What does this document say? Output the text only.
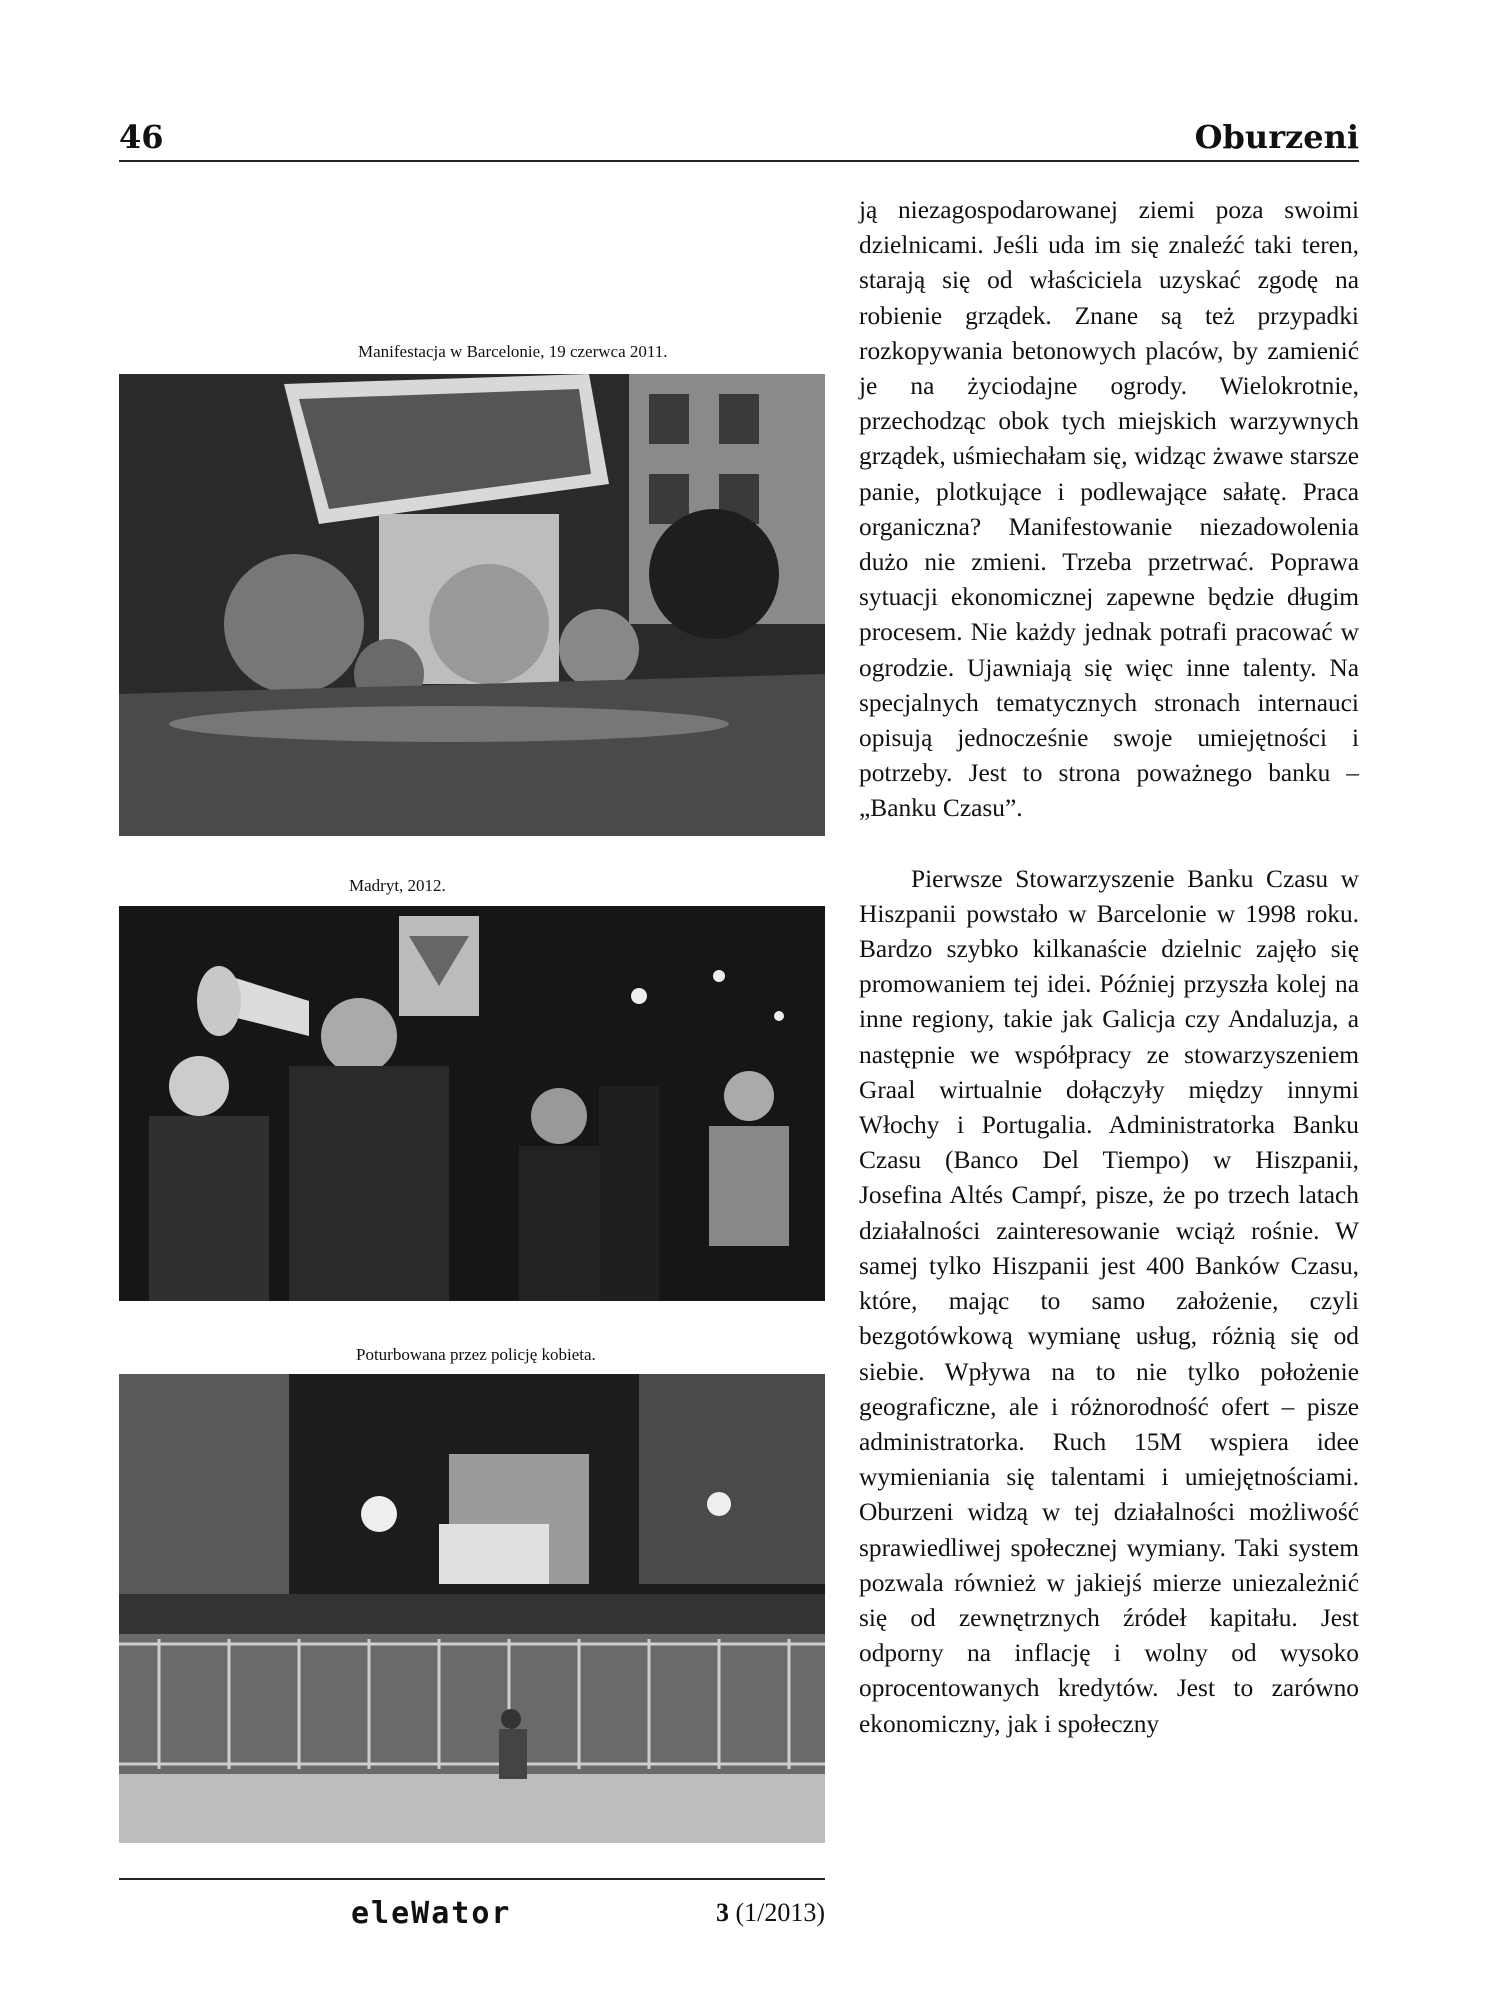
46	Oburzeni
Manifestacja w Barcelonie, 19 czerwca 2011.
Madryt, 2012.
Poturbowana przez policję kobieta.

ją niezagospodarowanej ziemi poza swoimi dzielnicami. Jeśli uda im się znaleźć taki teren, starają się od właściciela uzyskać zgodę na robienie grządek. Znane są też przypadki rozkopywania betonowych placów, by zamienić je na życiodajne ogrody. Wielokrotnie, przechodząc obok tych miejskich warzywnych grządek, uśmiechałam się, widząc żwawe starsze panie, plotkujące i podlewające sałatę. Praca organiczna? Manifestowanie niezadowolenia dużo nie zmieni. Trzeba przetrwać. Poprawa sytuacji ekonomicznej zapewne będzie długim procesem. Nie każdy jednak potrafi pracować w ogrodzie. Ujawniają się więc inne talenty. Na specjalnych tematycznych stronach internauci opisują jednocześnie swoje umiejętności i potrzeby. Jest to strona poważnego banku – „Banku Czasu”.

Pierwsze Stowarzyszenie Banku Czasu w Hiszpanii powstało w Barcelonie w 1998 roku. Bardzo szybko kilkanaście dzielnic zajęło się promowaniem tej idei. Później przyszła kolej na inne regiony, takie jak Galicja czy Andaluzja, a następnie we współpracy ze stowarzyszeniem Graal wirtualnie dołączyły między innymi Włochy i Portugalia. Administratorka Banku Czasu (Banco Del Tiempo) w Hiszpanii, Josefina Altés Campŕ, pisze, że po trzech latach działalności zainteresowanie wciąż rośnie. W samej tylko Hiszpanii jest 400 Banków Czasu, które, mając to samo założenie, czyli bezgotówkową wymianę usług, różnią się od siebie. Wpływa na to nie tylko położenie geograficzne, ale i różnorodność ofert – pisze administratorka. Ruch 15M wspiera idee wymieniania się talentami i umiejętnościami. Oburzeni widzą w tej działalności możliwość sprawiedliwej społecznej wymiany. Taki system pozwala również w jakiejś mierze uniezależnić się od zewnętrznych źródeł kapitału. Jest odporny na inflację i wolny od wysoko oprocentowanych kredytów. Jest to zarówno ekonomiczny, jak i społeczny

eleWator	3 (1/2013)
